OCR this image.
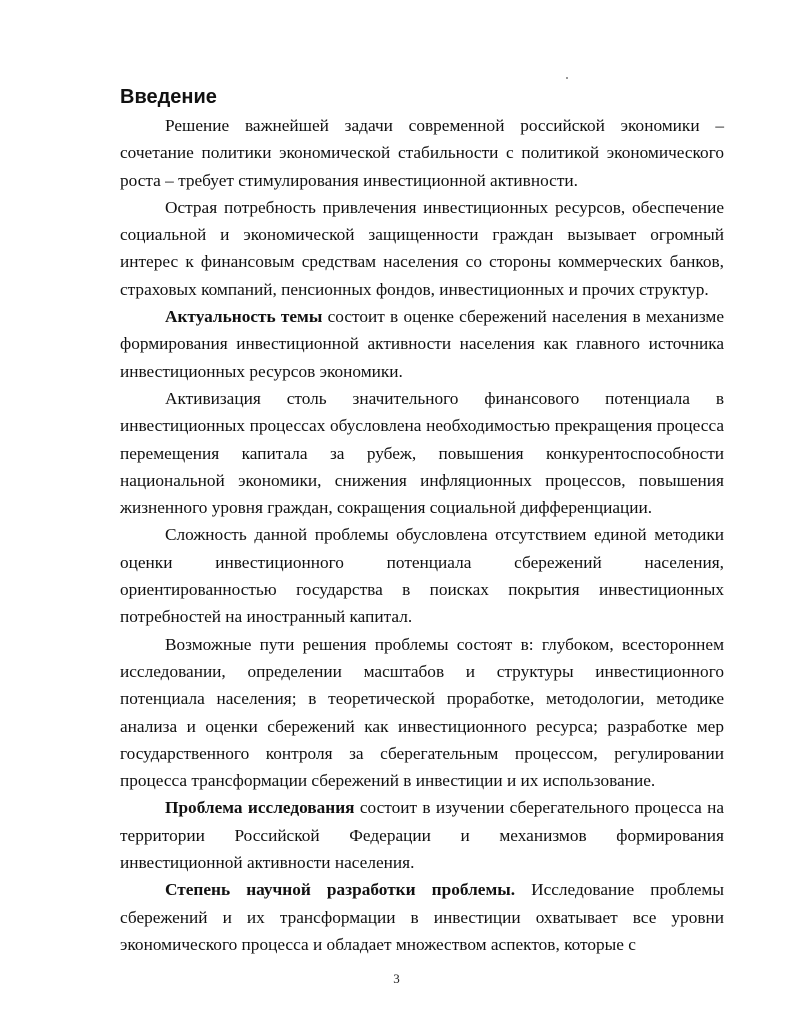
Введение

Решение важнейшей задачи современной российской экономики – сочетание политики экономической стабильности с политикой экономического роста – требует стимулирования инвестиционной активности.

Острая потребность привлечения инвестиционных ресурсов, обеспечение социальной и экономической защищенности граждан вызывает огромный интерес к финансовым средствам населения со стороны коммерческих банков, страховых компаний, пенсионных фондов, инвестиционных и прочих структур.

Актуальность темы состоит в оценке сбережений населения в механизме формирования инвестиционной активности населения как главного источника инвестиционных ресурсов экономики.

Активизация столь значительного финансового потенциала в инвестиционных процессах обусловлена необходимостью прекращения процесса перемещения капитала за рубеж, повышения конкурентоспособности национальной экономики, снижения инфляционных процессов, повышения жизненного уровня граждан, сокращения социальной дифференциации.

Сложность данной проблемы обусловлена отсутствием единой методики оценки инвестиционного потенциала сбережений населения, ориентированностью государства в поисках покрытия инвестиционных потребностей на иностранный капитал.

Возможные пути решения проблемы состоят в: глубоком, всестороннем исследовании, определении масштабов и структуры инвестиционного потенциала населения; в теоретической проработке, методологии, методике анализа и оценки сбережений как инвестиционного ресурса; разработке мер государственного контроля за сберегательным процессом, регулировании процесса трансформации сбережений в инвестиции и их использование.

Проблема исследования состоит в изучении сберегательного процесса на территории Российской Федерации и механизмов формирования инвестиционной активности населения.

Степень научной разработки проблемы. Исследование проблемы сбережений и их трансформации в инвестиции охватывает все уровни экономического процесса и обладает множеством аспектов, которые с

3
